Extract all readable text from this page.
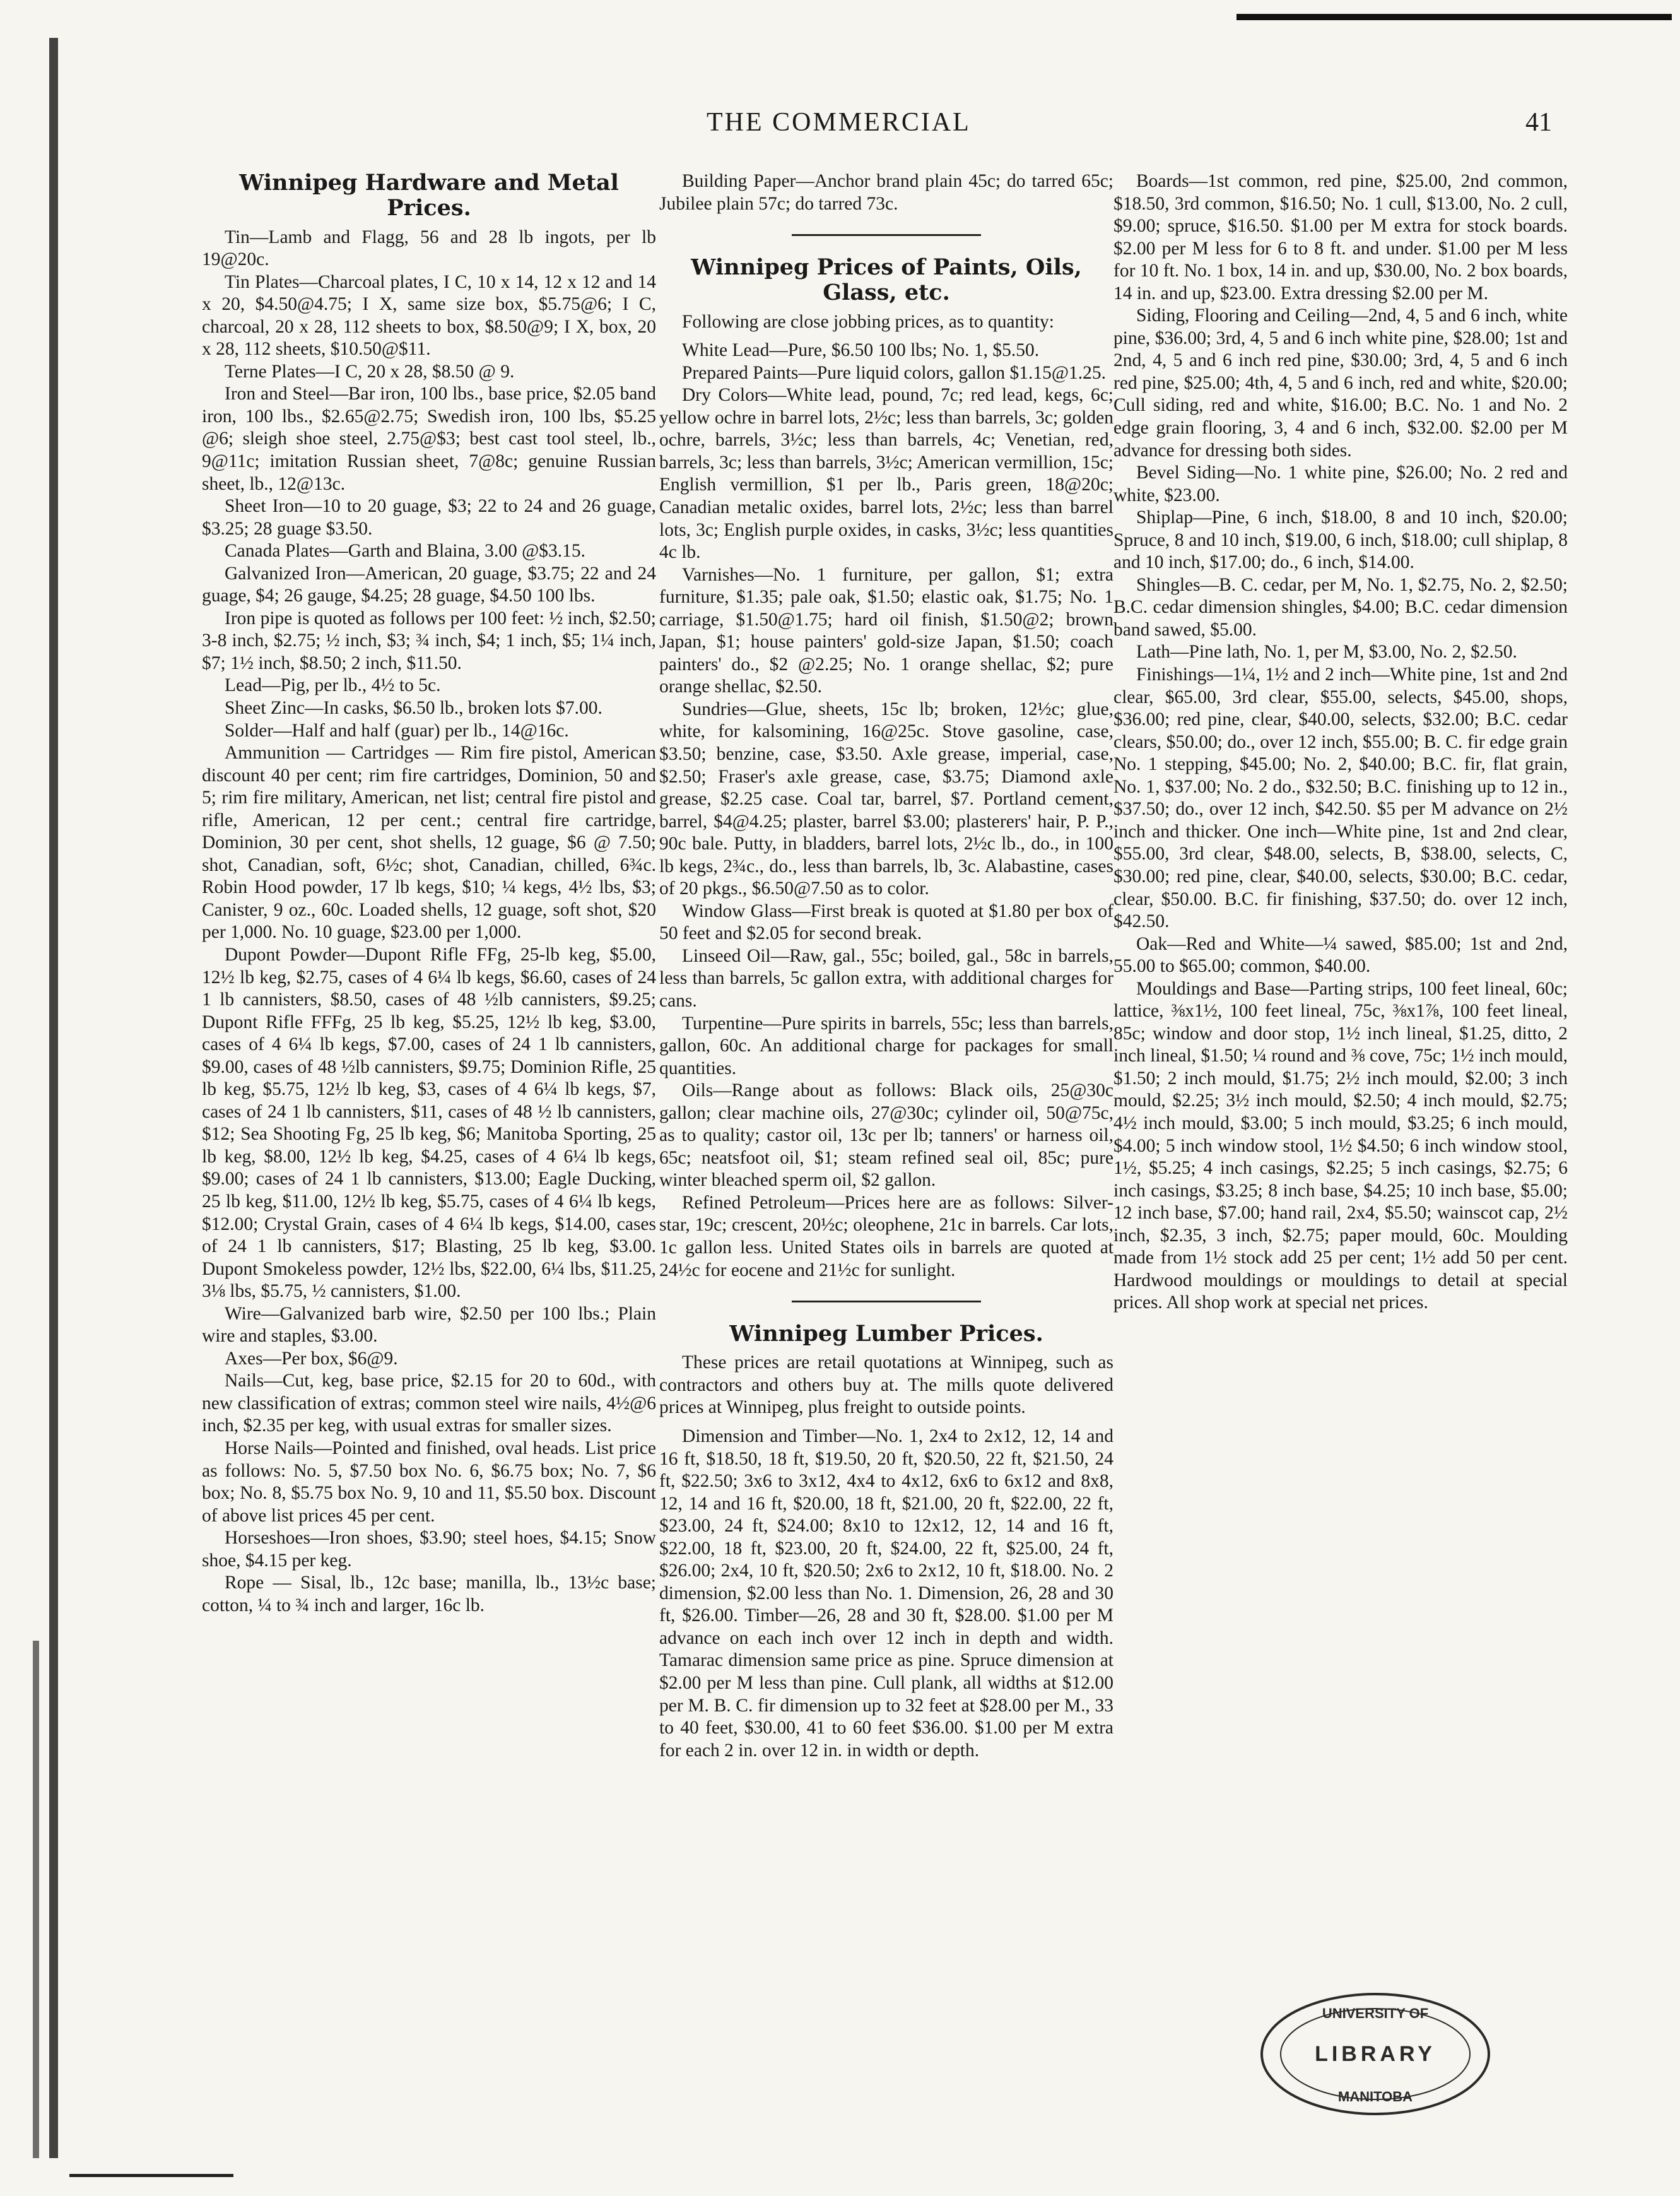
THE COMMERCIAL	41
Winnipeg Hardware and Metal Prices.

Tin—Lamb and Flagg, 56 and 28 lb ingots, per lb 19@20c.

Tin Plates—Charcoal plates, I C, 10 x 14, 12 x 12 and 14 x 20, $4.50@4.75; I X, same size box, $5.75@6; I C, charcoal, 20 x 28, 112 sheets to box, $8.50@9; I X, box, 20 x 28, 112 sheets, $10.50@$11.

Terne Plates—I C, 20 x 28, $8.50 @ 9.

Iron and Steel—Bar iron, 100 lbs., base price, $2.05 band iron, 100 lbs., $2.65@2.75; Swedish iron, 100 lbs, $5.25 @6; sleigh shoe steel, 2.75@$3; best cast tool steel, lb., 9@11c; imitation Russian sheet, 7@8c; genuine Russian sheet, lb., 12@13c.

Sheet Iron—10 to 20 guage, $3; 22 to 24 and 26 guage, $3.25; 28 guage $3.50.

Canada Plates—Garth and Blaina, 3.00 @$3.15.

Galvanized Iron—American, 20 guage, $3.75; 22 and 24 guage, $4; 26 gauge, $4.25; 28 guage, $4.50 100 lbs.

Iron pipe is quoted as follows per 100 feet: ½ inch, $2.50; 3-8 inch, $2.75; ½ inch, $3; ¾ inch, $4; 1 inch, $5; 1¼ inch, $7; 1½ inch, $8.50; 2 inch, $11.50.

Lead—Pig, per lb., 4½ to 5c.

Sheet Zinc—In casks, $6.50 lb., broken lots $7.00.

Solder—Half and half (guar) per lb., 14@16c.

Ammunition — Cartridges — Rim fire pistol, American discount 40 per cent; rim fire cartridges, Dominion, 50 and 5; rim fire military, American, net list; central fire pistol and rifle, American, 12 per cent.; central fire cartridge, Dominion, 30 per cent, shot shells, 12 guage, $6 @ 7.50; shot, Canadian, soft, 6½c; shot, Canadian, chilled, 6¾c. Robin Hood powder, 17 lb kegs, $10; ¼ kegs, 4½ lbs, $3; Canister, 9 oz., 60c. Loaded shells, 12 guage, soft shot, $20 per 1,000. No. 10 guage, $23.00 per 1,000.

Dupont Powder—Dupont Rifle FFg, 25-lb keg, $5.00, 12½ lb keg, $2.75, cases of 4 6¼ lb kegs, $6.60, cases of 24 1 lb cannisters, $8.50, cases of 48 ½lb cannisters, $9.25; Dupont Rifle FFFg, 25 lb keg, $5.25, 12½ lb keg, $3.00, cases of 4 6¼ lb kegs, $7.00, cases of 24 1 lb cannisters, $9.00, cases of 48 ½lb cannisters, $9.75; Dominion Rifle, 25 lb keg, $5.75, 12½ lb keg, $3, cases of 4 6¼ lb kegs, $7, cases of 24 1 lb cannisters, $11, cases of 48 ½ lb cannisters, $12; Sea Shooting Fg, 25 lb keg, $6; Manitoba Sporting, 25 lb keg, $8.00, 12½ lb keg, $4.25, cases of 4 6¼ lb kegs, $9.00; cases of 24 1 lb cannisters, $13.00; Eagle Ducking, 25 lb keg, $11.00, 12½ lb keg, $5.75, cases of 4 6¼ lb kegs, $12.00; Crystal Grain, cases of 4 6¼ lb kegs, $14.00, cases of 24 1 lb cannisters, $17; Blasting, 25 lb keg, $3.00. Dupont Smokeless powder, 12½ lbs, $22.00, 6¼ lbs, $11.25, 3⅛ lbs, $5.75, ½ cannisters, $1.00.

Wire—Galvanized barb wire, $2.50 per 100 lbs.; Plain wire and staples, $3.00.

Axes—Per box, $6@9.

Nails—Cut, keg, base price, $2.15 for 20 to 60d., with new classification of extras; common steel wire nails, 4½@6 inch, $2.35 per keg, with usual extras for smaller sizes.

Horse Nails—Pointed and finished, oval heads. List price as follows: No. 5, $7.50 box No. 6, $6.75 box; No. 7, $6 box; No. 8, $5.75 box No. 9, 10 and 11, $5.50 box. Discount of above list prices 45 per cent.

Horseshoes—Iron shoes, $3.90; steel hoes, $4.15; Snow shoe, $4.15 per keg.

Rope — Sisal, lb., 12c base; manilla, lb., 13½c base; cotton, ¼ to ¾ inch and larger, 16c lb.

Building Paper—Anchor brand plain 45c; do tarred 65c; Jubilee plain 57c; do tarred 73c.

Winnipeg Prices of Paints, Oils, Glass, etc.

Following are close jobbing prices, as to quantity:

White Lead—Pure, $6.50 100 lbs; No. 1, $5.50.

Prepared Paints—Pure liquid colors, gallon $1.15@1.25.

Dry Colors—White lead, pound, 7c; red lead, kegs, 6c; yellow ochre in barrel lots, 2½c; less than barrels, 3c; golden ochre, barrels, 3½c; less than barrels, 4c; Venetian, red, barrels, 3c; less than barrels, 3½c; American vermillion, 15c; English vermillion, $1 per lb., Paris green, 18@20c; Canadian metalic oxides, barrel lots, 2½c; less than barrel lots, 3c; English purple oxides, in casks, 3½c; less quantities 4c lb.

Varnishes—No. 1 furniture, per gallon, $1; extra furniture, $1.35; pale oak, $1.50; elastic oak, $1.75; No. 1 carriage, $1.50@1.75; hard oil finish, $1.50@2; brown Japan, $1; house painters' gold-size Japan, $1.50; coach painters' do., $2 @2.25; No. 1 orange shellac, $2; pure orange shellac, $2.50.

Sundries—Glue, sheets, 15c lb; broken, 12½c; glue, white, for kalsomining, 16@25c. Stove gasoline, case, $3.50; benzine, case, $3.50. Axle grease, imperial, case, $2.50; Fraser's axle grease, case, $3.75; Diamond axle grease, $2.25 case. Coal tar, barrel, $7. Portland cement, barrel, $4@4.25; plaster, barrel $3.00; plasterers' hair, P. P., 90c bale. Putty, in bladders, barrel lots, 2½c lb., do., in 100 lb kegs, 2¾c., do., less than barrels, lb, 3c. Alabastine, cases of 20 pkgs., $6.50@7.50 as to color.

Window Glass—First break is quoted at $1.80 per box of 50 feet and $2.05 for second break.

Linseed Oil—Raw, gal., 55c; boiled, gal., 58c in barrels, less than barrels, 5c gallon extra, with additional charges for cans.

Turpentine—Pure spirits in barrels, 55c; less than barrels, gallon, 60c. An additional charge for packages for small quantities.

Oils—Range about as follows: Black oils, 25@30c gallon; clear machine oils, 27@30c; cylinder oil, 50@75c, as to quality; castor oil, 13c per lb; tanners' or harness oil, 65c; neatsfoot oil, $1; steam refined seal oil, 85c; pure winter bleached sperm oil, $2 gallon.

Refined Petroleum—Prices here are as follows: Silver-star, 19c; crescent, 20½c; oleophene, 21c in barrels. Car lots, 1c gallon less. United States oils in barrels are quoted at 24½c for eocene and 21½c for sunlight.

Winnipeg Lumber Prices.

These prices are retail quotations at Winnipeg, such as contractors and others buy at. The mills quote delivered prices at Winnipeg, plus freight to outside points.

Dimension and Timber—No. 1, 2x4 to 2x12, 12, 14 and 16 ft, $18.50, 18 ft, $19.50, 20 ft, $20.50, 22 ft, $21.50, 24 ft, $22.50; 3x6 to 3x12, 4x4 to 4x12, 6x6 to 6x12 and 8x8, 12, 14 and 16 ft, $20.00, 18 ft, $21.00, 20 ft, $22.00, 22 ft, $23.00, 24 ft, $24.00; 8x10 to 12x12, 12, 14 and 16 ft, $22.00, 18 ft, $23.00, 20 ft, $24.00, 22 ft, $25.00, 24 ft, $26.00; 2x4, 10 ft, $20.50; 2x6 to 2x12, 10 ft, $18.00. No. 2 dimension, $2.00 less than No. 1. Dimension, 26, 28 and 30 ft, $26.00. Timber—26, 28 and 30 ft, $28.00. $1.00 per M advance on each inch over 12 inch in depth and width. Tamarac dimension same price as pine. Spruce dimension at $2.00 per M less than pine. Cull plank, all widths at $12.00 per M. B. C. fir dimension up to 32 feet at $28.00 per M., 33 to 40 feet, $30.00, 41 to 60 feet $36.00. $1.00 per M extra for each 2 in. over 12 in. in width or depth.

Boards—1st common, red pine, $25.00, 2nd common, $18.50, 3rd common, $16.50; No. 1 cull, $13.00, No. 2 cull, $9.00; spruce, $16.50. $1.00 per M extra for stock boards. $2.00 per M less for 6 to 8 ft. and under. $1.00 per M less for 10 ft. No. 1 box, 14 in. and up, $30.00, No. 2 box boards, 14 in. and up, $23.00. Extra dressing $2.00 per M.

Siding, Flooring and Ceiling—2nd, 4, 5 and 6 inch, white pine, $36.00; 3rd, 4, 5 and 6 inch white pine, $28.00; 1st and 2nd, 4, 5 and 6 inch red pine, $30.00; 3rd, 4, 5 and 6 inch red pine, $25.00; 4th, 4, 5 and 6 inch, red and white, $20.00; Cull siding, red and white, $16.00; B.C. No. 1 and No. 2 edge grain flooring, 3, 4 and 6 inch, $32.00. $2.00 per M advance for dressing both sides.

Bevel Siding—No. 1 white pine, $26.00; No. 2 red and white, $23.00.

Shiplap—Pine, 6 inch, $18.00, 8 and 10 inch, $20.00; Spruce, 8 and 10 inch, $19.00, 6 inch, $18.00; cull shiplap, 8 and 10 inch, $17.00; do., 6 inch, $14.00.

Shingles—B. C. cedar, per M, No. 1, $2.75, No. 2, $2.50; B.C. cedar dimension shingles, $4.00; B.C. cedar dimension band sawed, $5.00.

Lath—Pine lath, No. 1, per M, $3.00, No. 2, $2.50.

Finishings—1¼, 1½ and 2 inch—White pine, 1st and 2nd clear, $65.00, 3rd clear, $55.00, selects, $45.00, shops, $36.00; red pine, clear, $40.00, selects, $32.00; B.C. cedar clears, $50.00; do., over 12 inch, $55.00; B. C. fir edge grain No. 1 stepping, $45.00; No. 2, $40.00; B.C. fir, flat grain, No. 1, $37.00; No. 2 do., $32.50; B.C. finishing up to 12 in., $37.50; do., over 12 inch, $42.50. $5 per M advance on 2½ inch and thicker. One inch—White pine, 1st and 2nd clear, $55.00, 3rd clear, $48.00, selects, B, $38.00, selects, C, $30.00; red pine, clear, $40.00, selects, $30.00; B.C. cedar, clear, $50.00. B.C. fir finishing, $37.50; do. over 12 inch, $42.50.

Oak—Red and White—¼ sawed, $85.00; 1st and 2nd, 55.00 to $65.00; common, $40.00.

Mouldings and Base—Parting strips, 100 feet lineal, 60c; lattice, ⅜x1½, 100 feet lineal, 75c, ⅜x1⅞, 100 feet lineal, 85c; window and door stop, 1½ inch lineal, $1.25, ditto, 2 inch lineal, $1.50; ¼ round and ⅜ cove, 75c; 1½ inch mould, $1.50; 2 inch mould, $1.75; 2½ inch mould, $2.00; 3 inch mould, $2.25; 3½ inch mould, $2.50; 4 inch mould, $2.75; 4½ inch mould, $3.00; 5 inch mould, $3.25; 6 inch mould, $4.00; 5 inch window stool, 1½ $4.50; 6 inch window stool, 1½, $5.25; 4 inch casings, $2.25; 5 inch casings, $2.75; 6 inch casings, $3.25; 8 inch base, $4.25; 10 inch base, $5.00; 12 inch base, $7.00; hand rail, 2x4, $5.50; wainscot cap, 2½ inch, $2.35, 3 inch, $2.75; paper mould, 60c. Moulding made from 1½ stock add 25 per cent; 1½ add 50 per cent. Hardwood mouldings or mouldings to detail at special prices. All shop work at special net prices.

UNIVERSITY OF
LIBRARY
MANITOBA
